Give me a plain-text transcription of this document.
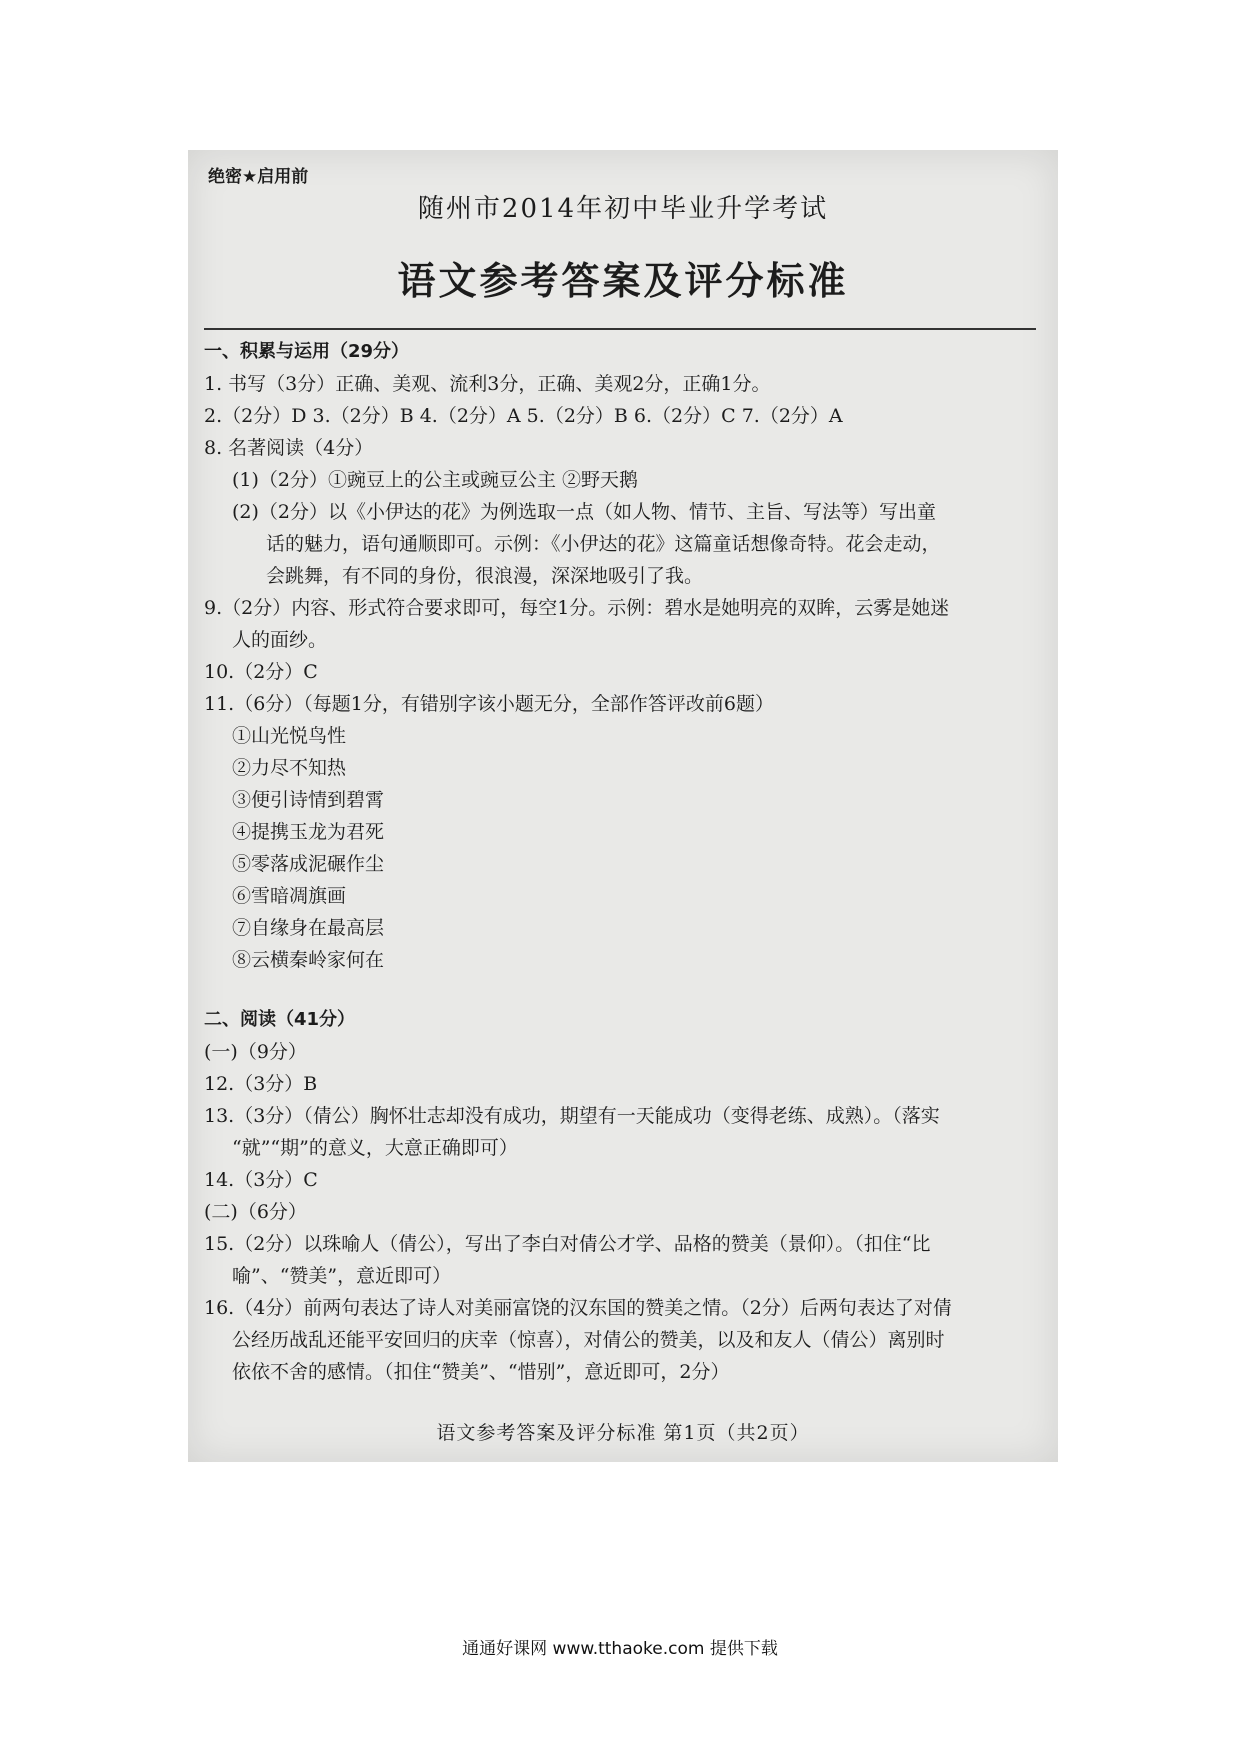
绝密★启用前
随州市2014年初中毕业升学考试
语文参考答案及评分标准
一、积累与运用（29分）
1. 书写（3分）正确、美观、流利3分，正确、美观2分，正确1分。
2.（2分）D 3.（2分）B 4.（2分）A 5.（2分）B 6.（2分）C 7.（2分）A
8. 名著阅读（4分）
(1)（2分）①豌豆上的公主或豌豆公主 ②野天鹅
(2)（2分）以《小伊达的花》为例选取一点（如人物、情节、主旨、写法等）写出童
话的魅力，语句通顺即可。示例：《小伊达的花》这篇童话想像奇特。花会走动，
会跳舞，有不同的身份，很浪漫，深深地吸引了我。
9.（2分）内容、形式符合要求即可，每空1分。示例：碧水是她明亮的双眸，云雾是她迷
人的面纱。
10.（2分）C
11.（6分）（每题1分，有错别字该小题无分，全部作答评改前6题）
①山光悦鸟性
②力尽不知热
③便引诗情到碧霄
④提携玉龙为君死
⑤零落成泥碾作尘
⑥雪暗凋旗画
⑦自缘身在最高层
⑧云横秦岭家何在
二、阅读（41分）
(一)（9分）
12.（3分）B
13.（3分）（倩公）胸怀壮志却没有成功，期望有一天能成功（变得老练、成熟）。（落实
“就”“期”的意义，大意正确即可）
14.（3分）C
(二)（6分）
15.（2分）以珠喻人（倩公），写出了李白对倩公才学、品格的赞美（景仰）。（扣住“比
喻”、“赞美”，意近即可）
16.（4分）前两句表达了诗人对美丽富饶的汉东国的赞美之情。（2分）后两句表达了对倩
公经历战乱还能平安回归的庆幸（惊喜），对倩公的赞美，以及和友人（倩公）离别时
依依不舍的感情。（扣住“赞美”、“惜别”，意近即可，2分）
语文参考答案及评分标准 第1页（共2页）
通通好课网 www.tthaoke.com 提供下载
